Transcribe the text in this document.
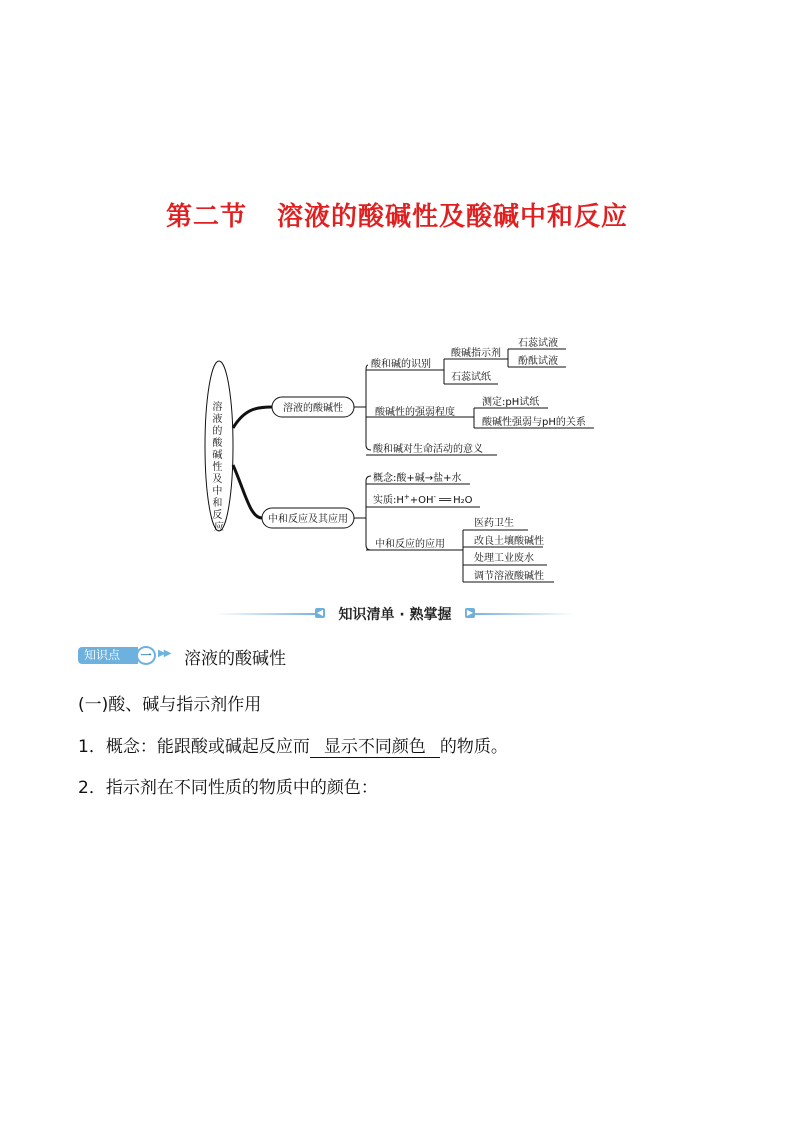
第二节 溶液的酸碱性及酸碱中和反应
溶 液 的 酸 碱 性 及 中 和 反 应
溶液的酸碱性
中和反应及其应用
酸和碱的识别
酸碱性的强弱程度
酸和碱对生命活动的意义
酸碱指示剂
石蕊试纸
石蕊试液
酚酞试液
测定:pH试纸
酸碱性强弱与pH的关系
概念:酸+碱→盐+水
实质:H++OH- ══ H₂O
中和反应的应用
医药卫生
改良土壤酸碱性
处理工业废水
调节溶液酸碱性
◀	知识清单 · 熟掌握	▶
知识点	一 ▶▶ 溶液的酸碱性
(一)酸、碱与指示剂作用
1．概念：能跟酸或碱起反应而 显示不同颜色 的物质。
2．指示剂在不同性质的物质中的颜色：
